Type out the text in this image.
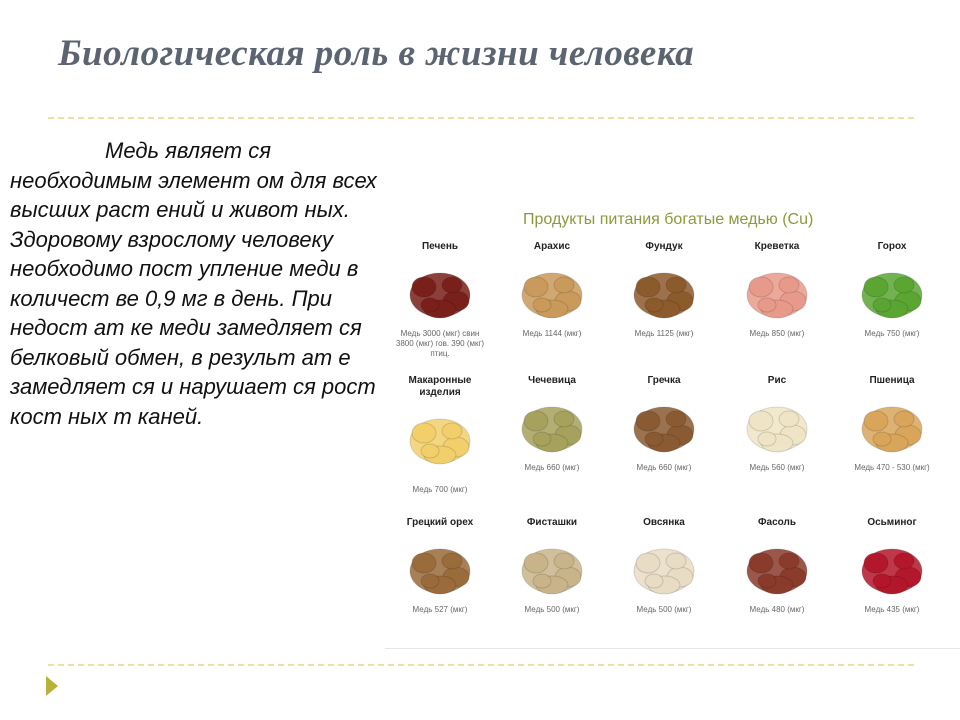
Биологическая роль в жизни человека
Медь являет ся
необходимым элемент ом для всех
высших раст ений и живот ных.
Здоровому взрослому человеку
необходимо пост упление меди в
количест ве 0,9 мг в день. При
недост ат ке меди замедляет ся
белковый обмен, в результ ат е
замедляет ся и нарушает ся рост
кост ных т каней.
Продукты питания богатые медью (Cu)
Печень
Медь 3000 (мкг) свин
3800 (мкг) гов. 390 (мкг)
птиц.
Арахис
Медь 1144 (мкг)
Фундук
Медь 1125 (мкг)
Креветка
Медь 850 (мкг)
Горох
Медь 750 (мкг)
Макаронные
изделия
Медь 700 (мкг)
Чечевица
Медь 660 (мкг)
Гречка
Медь 660 (мкг)
Рис
Медь 560 (мкг)
Пшеница
Медь 470 - 530 (мкг)
Грецкий орех
Медь 527 (мкг)
Фисташки
Медь 500 (мкг)
Овсянка
Медь 500 (мкг)
Фасоль
Медь 480 (мкг)
Осьминог
Медь 435 (мкг)
